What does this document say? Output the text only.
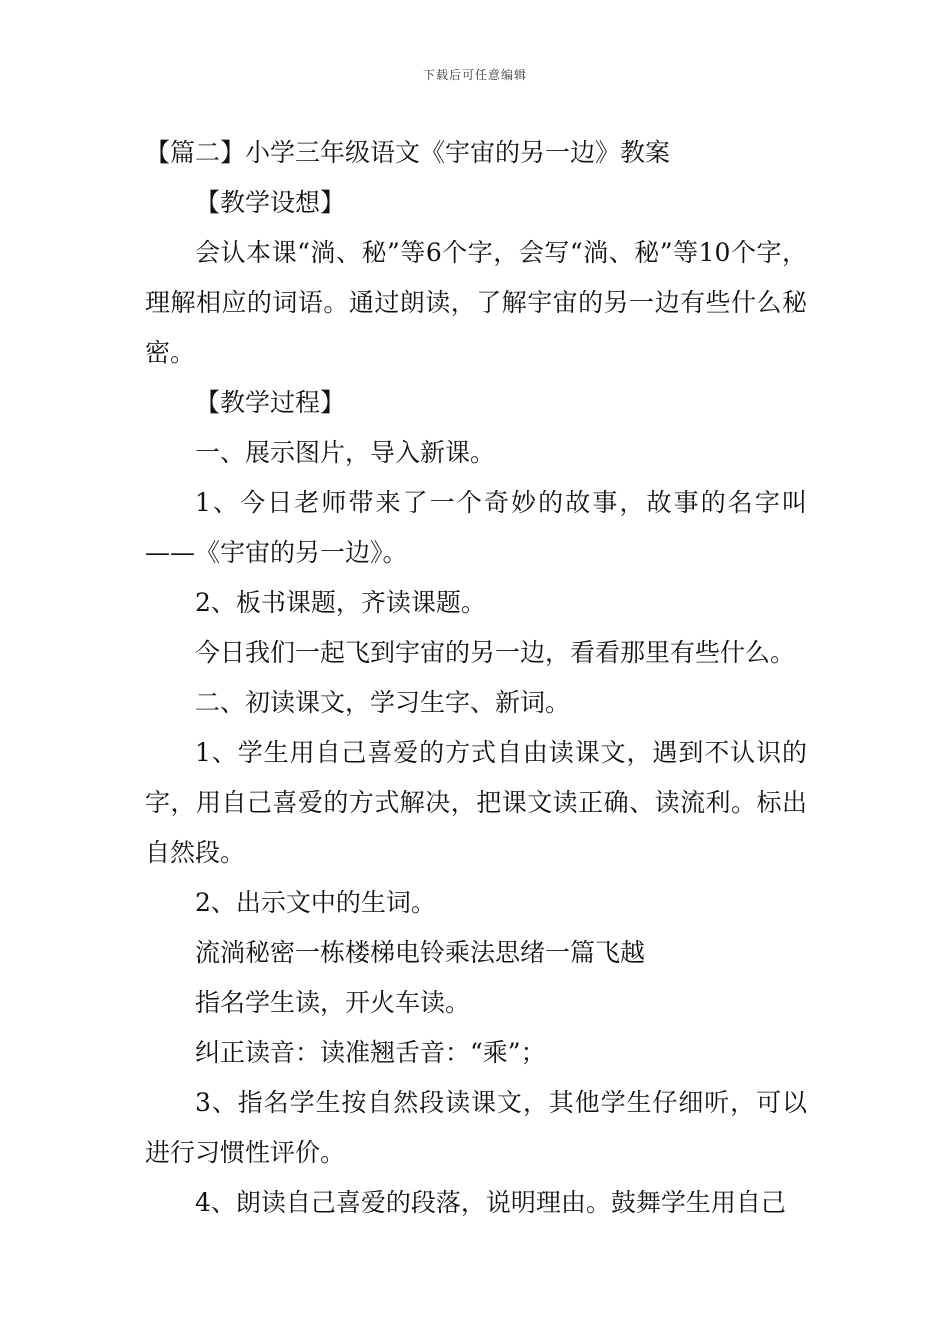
下载后可任意编辑

【篇二】小学三年级语文《宇宙的另一边》教案

【教学设想】

会认本课“淌、秘”等6个字，会写“淌、秘”等10个字，理解相应的词语。通过朗读，了解宇宙的另一边有些什么秘密。

【教学过程】

一、展示图片，导入新课。

1、今日老师带来了一个奇妙的故事，故事的名字叫——《宇宙的另一边》。

2、板书课题，齐读课题。

今日我们一起飞到宇宙的另一边，看看那里有些什么。

二、初读课文，学习生字、新词。

1、学生用自己喜爱的方式自由读课文，遇到不认识的字，用自己喜爱的方式解决，把课文读正确、读流利。标出自然段。

2、出示文中的生词。

流淌秘密一栋楼梯电铃乘法思绪一篇飞越

指名学生读，开火车读。

纠正读音：读准翘舌音：“乘”；

3、指名学生按自然段读课文，其他学生仔细听，可以进行习惯性评价。

4、朗读自己喜爱的段落，说明理由。鼓舞学生用自己
